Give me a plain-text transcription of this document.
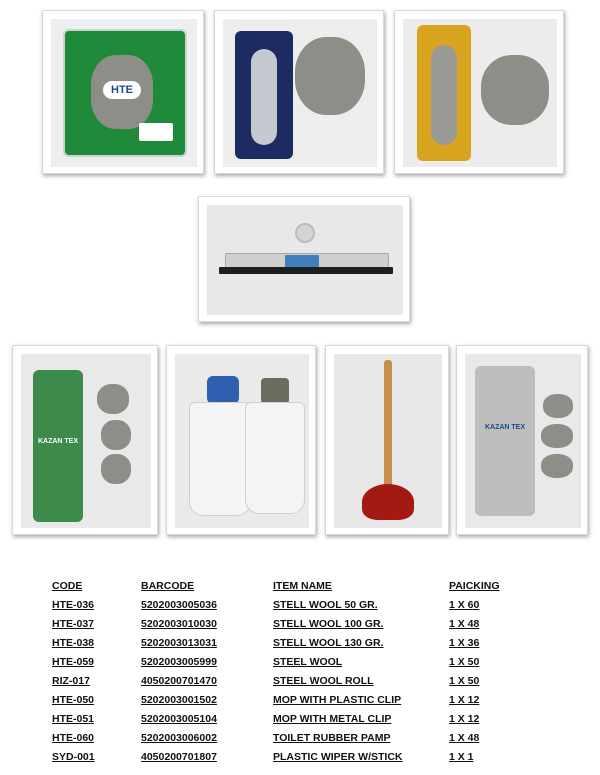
HTE
KAZAN TEX
KAZAN TEX
CODE	BARCODE	ITEM NAME	PAICKING
HTE-036	5202003005036	STELL WOOL 50 GR.	1 X 60
HTE-037	5202003010030	STELL WOOL 100 GR.	1 X 48
HTE-038	5202003013031	STELL WOOL 130 GR.	1 X 36
HTE-059	5202003005999	STEEL WOOL	1 X 50
RIZ-017	4050200701470	STEEL WOOL ROLL	1 X 50
HTE-050	5202003001502	MOP WITH PLASTIC CLIP	1 X 12
HTE-051	5202003005104	MOP WITH METAL CLIP	1 X 12
HTE-060	5202003006002	TOILET RUBBER PAMP	1 X 48
SYD-001	4050200701807	PLASTIC WIPER W/STICK	1 X 1
